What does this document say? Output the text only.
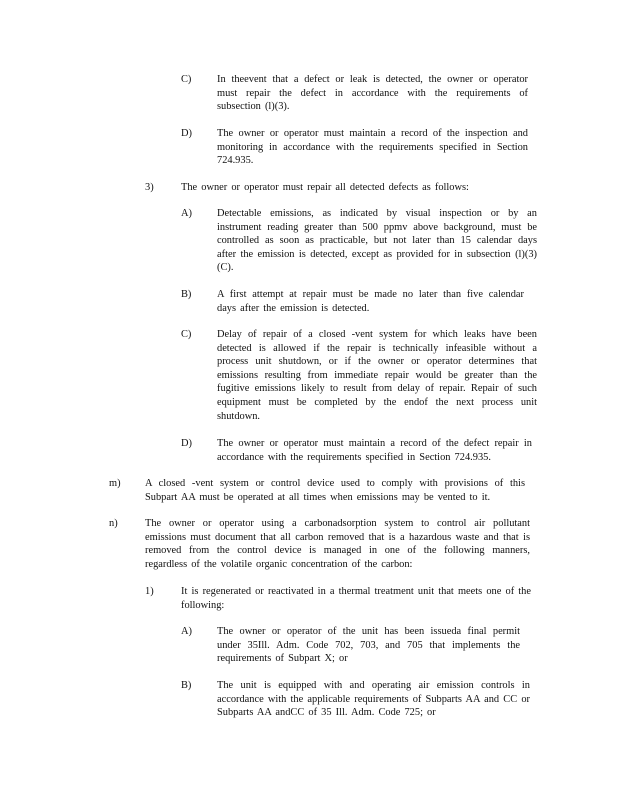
C) In theevent that a defect or leak is detected, the owner or operator must repair the defect in accordance with the requirements of subsection (l)(3).
D) The owner or operator must maintain a record of the inspection and monitoring in accordance with the requirements specified in Section 724.935.
3)	The owner or operator must repair all detected defects as follows:
A) Detectable emissions, as indicated by visual inspection or by an instrument reading greater than 500 ppmv above background, must be controlled as soon as practicable, but not later than 15 calendar days after the emission is detected, except as provided for in subsection (l)(3)(C).
B) A first attempt at repair must be made no later than five calendar days after the emission is detected.
C) Delay of repair of a closed -vent system for which leaks have been detected is allowed if the repair is technically infeasible without a process unit shutdown, or if the owner or operator determines that emissions resulting from immediate repair would be greater than the fugitive emissions likely to result from delay of repair. Repair of such equipment must be completed by the endof the next process unit shutdown.
D) The owner or operator must maintain a record of the defect repair in accordance with the requirements specified in Section 724.935.
m) A closed -vent system or control device used to comply with provisions of this Subpart AA must be operated at all times when emissions may be vented to it.
n)	The owner or operator using a carbonadsorption system to control air pollutant emissions must document that all carbon removed that is a hazardous waste and that is removed from the control device is managed in one of the following manners, regardless of the volatile organic concentration of the carbon:
1)	It is regenerated or reactivated in a thermal treatment unit that meets one of the following:
A) The owner or operator of the unit has been issueda final permit under 35Ill. Adm. Code 702, 703, and 705 that implements the requirements of Subpart X; or
B) The unit is equipped with and operating air emission controls in accordance with the applicable requirements of Subparts AA and CC or Subparts AA andCC of 35 Ill. Adm. Code 725; or
